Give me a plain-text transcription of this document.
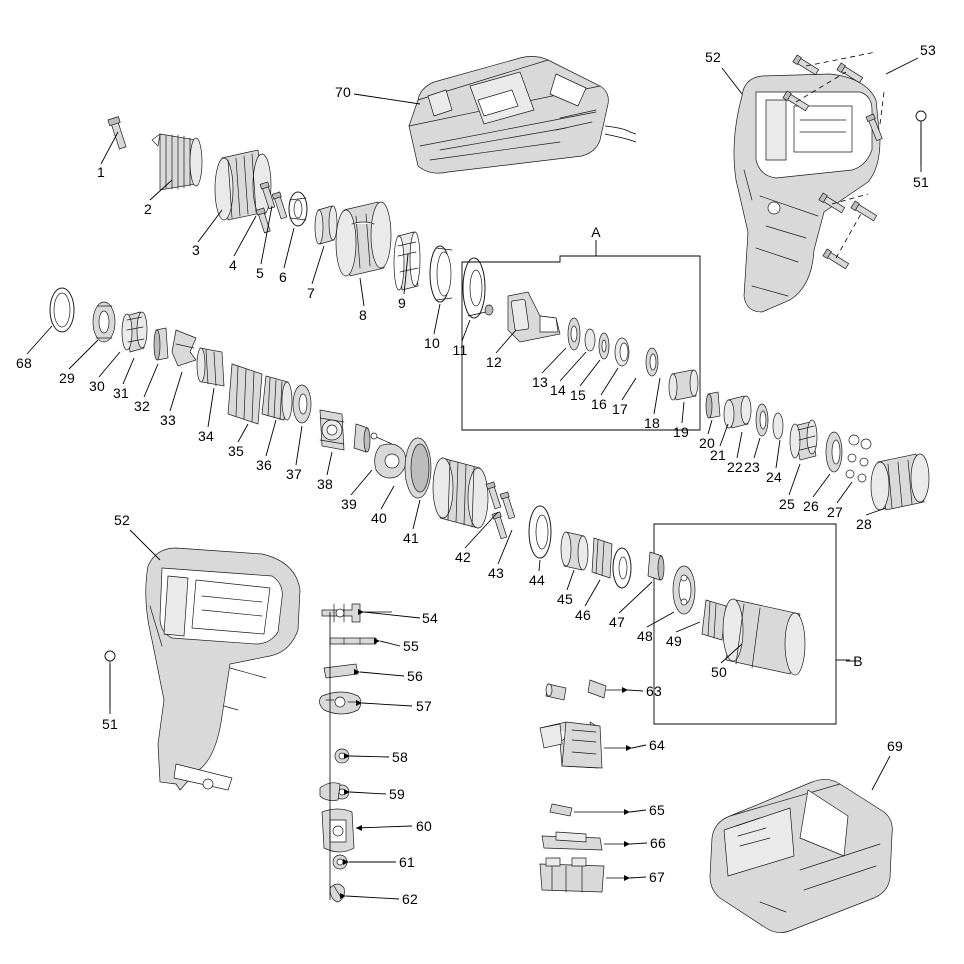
1
2
3
4 5 6
7
8
9
10 11
12
13 14 15
16 17
18
19
20
21
22 23
24
25 26 27
28
29 30 31
32
33
34
35
36
37
38
39
40
41
42
43 44
45
46 47
48 49
50
51
52	53
54
55
56
57
58
59
60
61
62
63
64
65
66
67
68
69
70
51
52
A
B
